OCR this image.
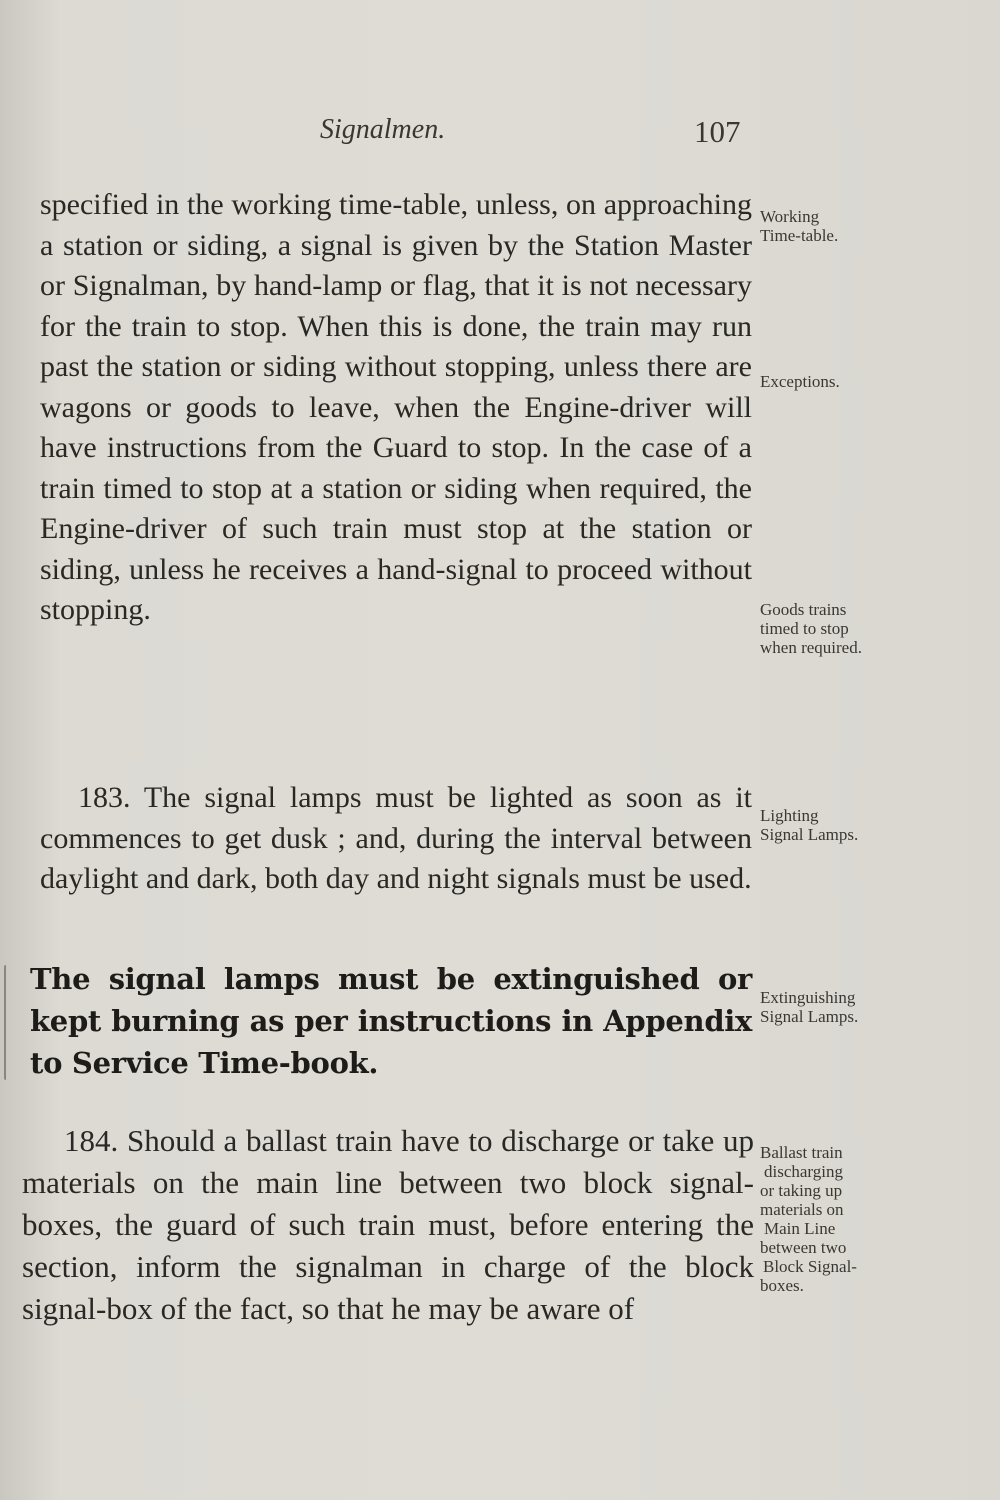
Signalmen.	107

specified in the working time-table, unless, on approaching a station or siding, a signal is given by the Station Master or Signalman, by hand-lamp or flag, that it is not necessary for the train to stop. When this is done, the train may run past the station or siding without stopping, unless there are wagons or goods to leave, when the Engine-driver will have instructions from the Guard to stop. In the case of a train timed to stop at a station or siding when required, the Engine-driver of such train must stop at the station or siding, unless he receives a hand-signal to proceed without stopping.

183. The signal lamps must be lighted as soon as it commences to get dusk ; and, during the interval between daylight and dark, both day and night signals must be used.

The signal lamps must be extinguished or kept burning as per instructions in Appendix to Service Time-book.

184. Should a ballast train have to discharge or take up materials on the main line between two block signal-boxes, the guard of such train must, before entering the section, inform the signalman in charge of the block signal-box of the fact, so that he may be aware of

Working
Time-table.

Exceptions.

Goods trains
timed to stop
when required.

Lighting
Signal Lamps.

Extinguishing
Signal Lamps.

Ballast train
discharging
or taking up
materials on
Main Line
between two
Block Signal-
boxes.
